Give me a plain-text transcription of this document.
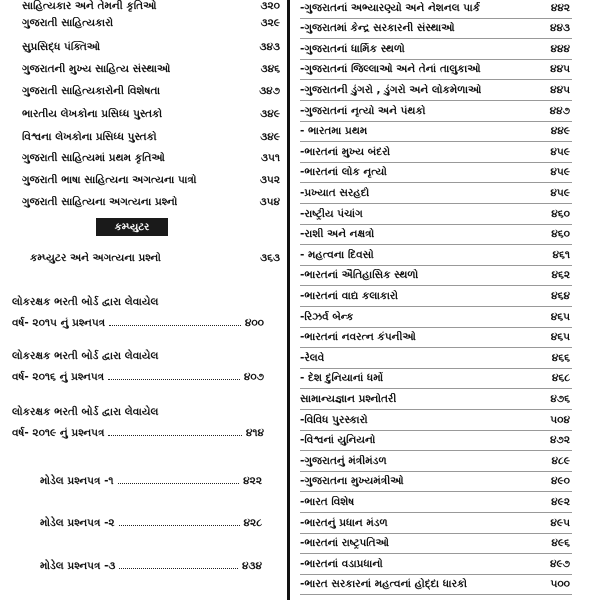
સાહિત્યકાર અને તેમની કૃતિઓ	૩૨૦
ગુજરાતી સાહિત્યકારો	૩૨૯
સુપ્રસિદ્ધ પંક્તિઓ	૩૪૩
ગુજરાતની મુખ્ય સાહિત્ય સંસ્થાઓ	૩૪૬
ગુજરાતી સાહિત્યકારોની વિશેષતા	૩૪૭
ભારતીય લેખકોના પ્રસિધ્ધ પુસ્તકો	૩૪૯
વિશ્વના લેખકોના પ્રસિધ્ધ પુસ્તકો	૩૪૯
ગુજરાતી સાહિત્યમાં પ્રથમ કૃતિઓ	૩૫૧
ગુજરાતી ભાષા સાહિત્યના અગત્યના પાત્રો	૩૫૨
ગુજરાતી સાહિત્યના અગત્યના પ્રશ્નો	૩૫૪
કમ્પ્યુટર
કમ્પ્યુટર અને અગત્યના પ્રશ્નો	૩૬૩
લોકરક્ષક ભરતી બોર્ડ દ્વારા લેવાયેલ
વર્ષ- ૨૦૧૫ નું પ્રશ્નપત્ર	૪૦૦
લોકરક્ષક ભરતી બોર્ડ દ્વારા લેવાયેલ
વર્ષ- ૨૦૧૬ નું પ્રશ્નપત્ર	૪૦૭
લોકરક્ષક ભરતી બોર્ડ દ્વારા લેવાયેલ
વર્ષ- ૨૦૧૯ નું પ્રશ્નપત્ર	૪૧૪
મોડેલ પ્રશ્નપત્ર -૧	૪૨૨
મોડેલ પ્રશ્નપત્ર -૨	૪૨૮
મોડેલ પ્રશ્નપત્ર -૩	૪૩૪
-ગુજરાતનાં અભ્યારણ્યો અને નેશનલ પાર્ક	૪૪૨
-ગુજરાતમાં કેન્દ્ર સરકારની સંસ્થાઓ	૪૪૩
-ગુજરાતનાં ધાર્મિક સ્થળો	૪૪૪
-ગુજરાતનાં જિલ્લાઓ અને તેનાં તાલુકાઓ	૪૪૫
-ગુજરાતની ડુંગરો , ડુંગરો અને લોકમેળાઓ	૪૪૫
-ગુજરાતનાં નૃત્યો અને પંથકો	૪૪૭
- ભારતમા પ્રથમ	૪૪૯
-ભારતનાં મુખ્ય બંદરો	૪૫૯
-ભારતનાં લોક નૃત્યો	૪૫૯
-પ્રખ્યાત સરહદો	૪૫૯
-રાષ્ટ્રીય પંચાંગ	૪૬૦
-રાશી અને નક્ષત્રો	૪૬૦
- મહત્વના દિવસો	૪૬૧
-ભારતનાં ઐતિહાસિક સ્થળો	૪૬૨
-ભારતનાં વાદ્ય કલાકારો	૪૬૪
-રિઝર્વ બેન્ક	૪૬૫
-ભારતનાં નવરત્ન કંપનીઓ	૪૬૫
-રેલવે	૪૬૬
- દેશ દુનિયાનાં ધર્મો	૪૬૮
સામાન્યજ્ઞાન પ્રશ્નોતરી	૪૭૬
-વિવિધ પુરસ્કારો	૫૦૪
-વિશ્વનાં યુનિયનો	૪૭૨
-ગુજરાતનું મંત્રીમંડળ	૪૮૯
-ગુજરાતના મુખ્યમંત્રીઓ	૪૯૦
-ભારત વિશેષ	૪૯૨
-ભારતનું પ્રધાન મંડળ	૪૯૫
-ભારતનાં રાષ્ટ્રપતિઓ	૪૯૬
-ભારતનાં વડાપ્રધાનો	૪૯૭
-ભારત સરકારનાં મહત્વનાં હોદ્દા ધારકો	૫૦૦
